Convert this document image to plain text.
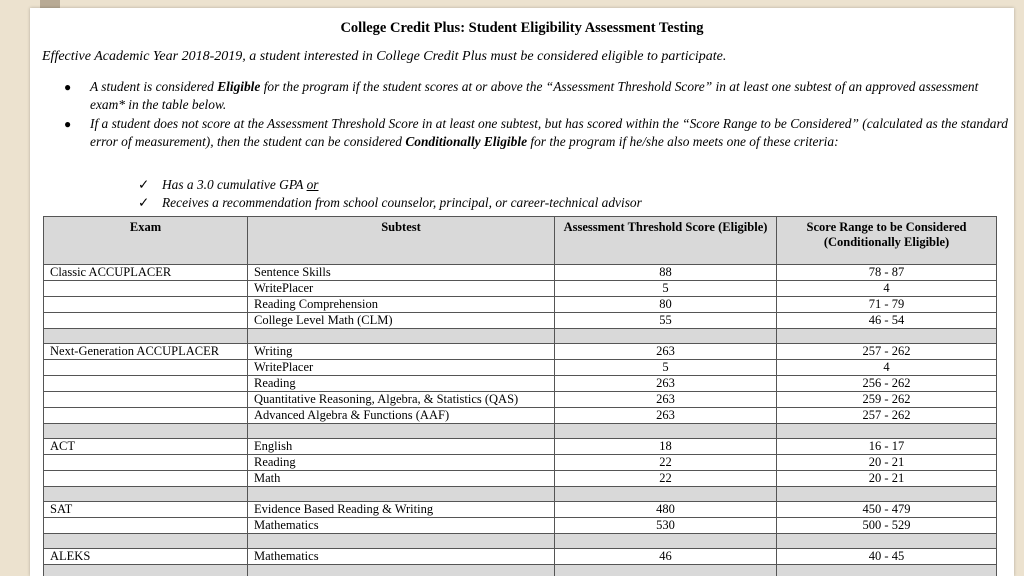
College Credit Plus: Student Eligibility Assessment Testing
Effective Academic Year 2018-2019, a student interested in College Credit Plus must be considered eligible to participate.
● A student is considered Eligible for the program if the student scores at or above the “Assessment Threshold Score” in at least one subtest of an approved assessment exam* in the table below.
● If a student does not score at the Assessment Threshold Score in at least one subtest, but has scored within the “Score Range to be Considered” (calculated as the standard error of measurement), then the student can be considered Conditionally Eligible for the program if he/she also meets one of these criteria:
✓ Has a 3.0 cumulative GPA or
✓ Receives a recommendation from school counselor, principal, or career-technical advisor
Exam	Subtest	Assessment Threshold Score (Eligible)	Score Range to be Considered (Conditionally Eligible)
Classic ACCUPLACER	Sentence Skills	88	78 - 87
	WritePlacer	5	4
	Reading Comprehension	80	71 - 79
	College Level Math (CLM)	55	46 - 54

Next-Generation ACCUPLACER	Writing	263	257 - 262
	WritePlacer	5	4
	Reading	263	256 - 262
	Quantitative Reasoning, Algebra, & Statistics (QAS)	263	259 - 262
	Advanced Algebra & Functions (AAF)	263	257 - 262

ACT	English	18	16 - 17
	Reading	22	20 - 21
	Math	22	20 - 21

SAT	Evidence Based Reading & Writing	480	450 - 479
	Mathematics	530	500 - 529

ALEKS	Mathematics	46	40 - 45
